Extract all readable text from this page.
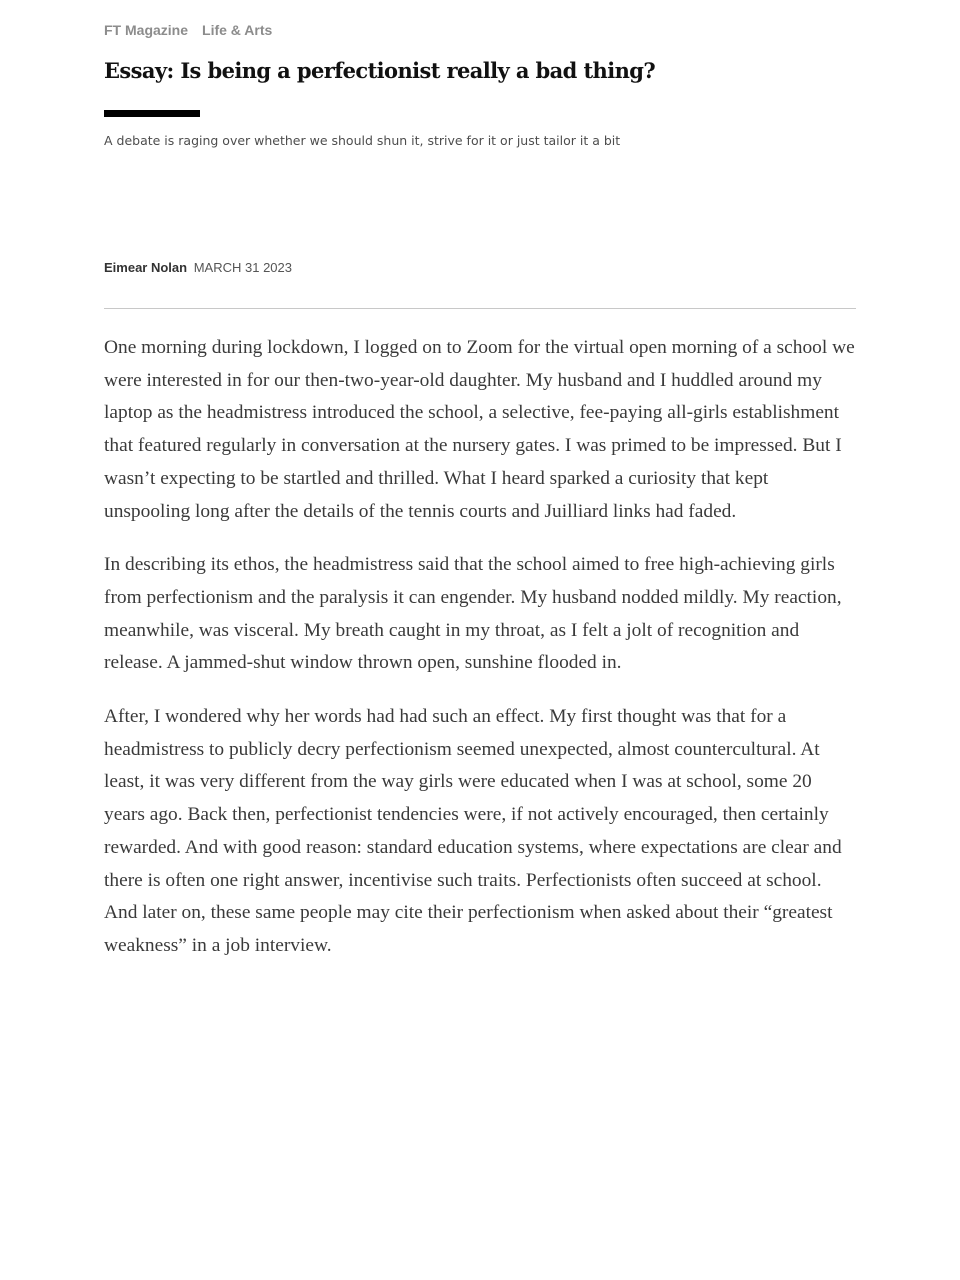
FT Magazine Life & Arts
Essay: Is being a perfectionist really a bad thing?

A debate is raging over whether we should shun it, strive for it or just tailor it a bit

Eimear Nolan MARCH 31 2023

One morning during lockdown, I logged on to Zoom for the virtual open morning of a school we were interested in for our then-two-year-old daughter. My husband and I huddled around my laptop as the headmistress introduced the school, a selective, fee-paying all-girls establishment that featured regularly in conversation at the nursery gates. I was primed to be impressed. But I wasn’t expecting to be startled and thrilled. What I heard sparked a curiosity that kept unspooling long after the details of the tennis courts and Juilliard links had faded.

In describing its ethos, the headmistress said that the school aimed to free high-achieving girls from perfectionism and the paralysis it can engender. My husband nodded mildly. My reaction, meanwhile, was visceral. My breath caught in my throat, as I felt a jolt of recognition and release. A jammed-shut window thrown open, sunshine flooded in.

After, I wondered why her words had had such an effect. My first thought was that for a headmistress to publicly decry perfectionism seemed unexpected, almost countercultural. At least, it was very different from the way girls were educated when I was at school, some 20 years ago. Back then, perfectionist tendencies were, if not actively encouraged, then certainly rewarded. And with good reason: standard education systems, where expectations are clear and there is often one right answer, incentivise such traits. Perfectionists often succeed at school. And later on, these same people may cite their perfectionism when asked about their “greatest weakness” in a job interview.
